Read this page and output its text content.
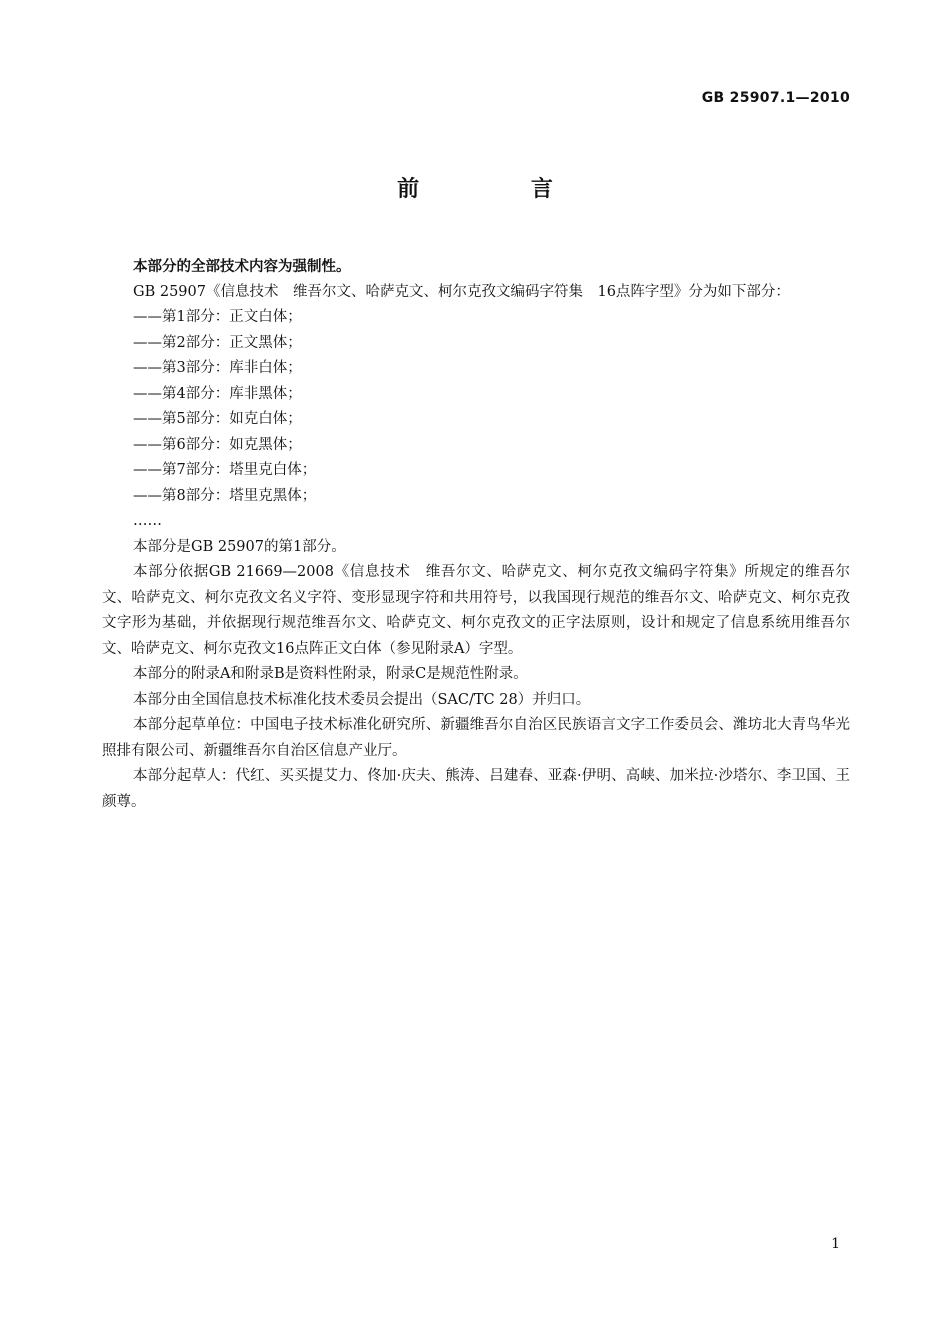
GB 25907.1—2010
前 言

本部分的全部技术内容为强制性。

GB 25907《信息技术　维吾尔文、哈萨克文、柯尔克孜文编码字符集　16点阵字型》分为如下部分：

——第1部分：正文白体；

——第2部分：正文黑体；

——第3部分：库非白体；

——第4部分：库非黑体；

——第5部分：如克白体；

——第6部分：如克黑体；

——第7部分：塔里克白体；

——第8部分：塔里克黑体；

……

本部分是GB 25907的第1部分。

本部分依据GB 21669—2008《信息技术　维吾尔文、哈萨克文、柯尔克孜文编码字符集》所规定的维吾尔文、哈萨克文、柯尔克孜文名义字符、变形显现字符和共用符号，以我国现行规范的维吾尔文、哈萨克文、柯尔克孜文字形为基础，并依据现行规范维吾尔文、哈萨克文、柯尔克孜文的正字法原则，设计和规定了信息系统用维吾尔文、哈萨克文、柯尔克孜文16点阵正文白体（参见附录A）字型。

本部分的附录A和附录B是资料性附录，附录C是规范性附录。

本部分由全国信息技术标准化技术委员会提出（SAC/TC 28）并归口。

本部分起草单位：中国电子技术标准化研究所、新疆维吾尔自治区民族语言文字工作委员会、潍坊北大青鸟华光照排有限公司、新疆维吾尔自治区信息产业厅。

本部分起草人：代红、买买提艾力、佟加·庆夫、熊涛、吕建春、亚森·伊明、高峡、加米拉·沙塔尔、李卫国、王颜尊。

1
